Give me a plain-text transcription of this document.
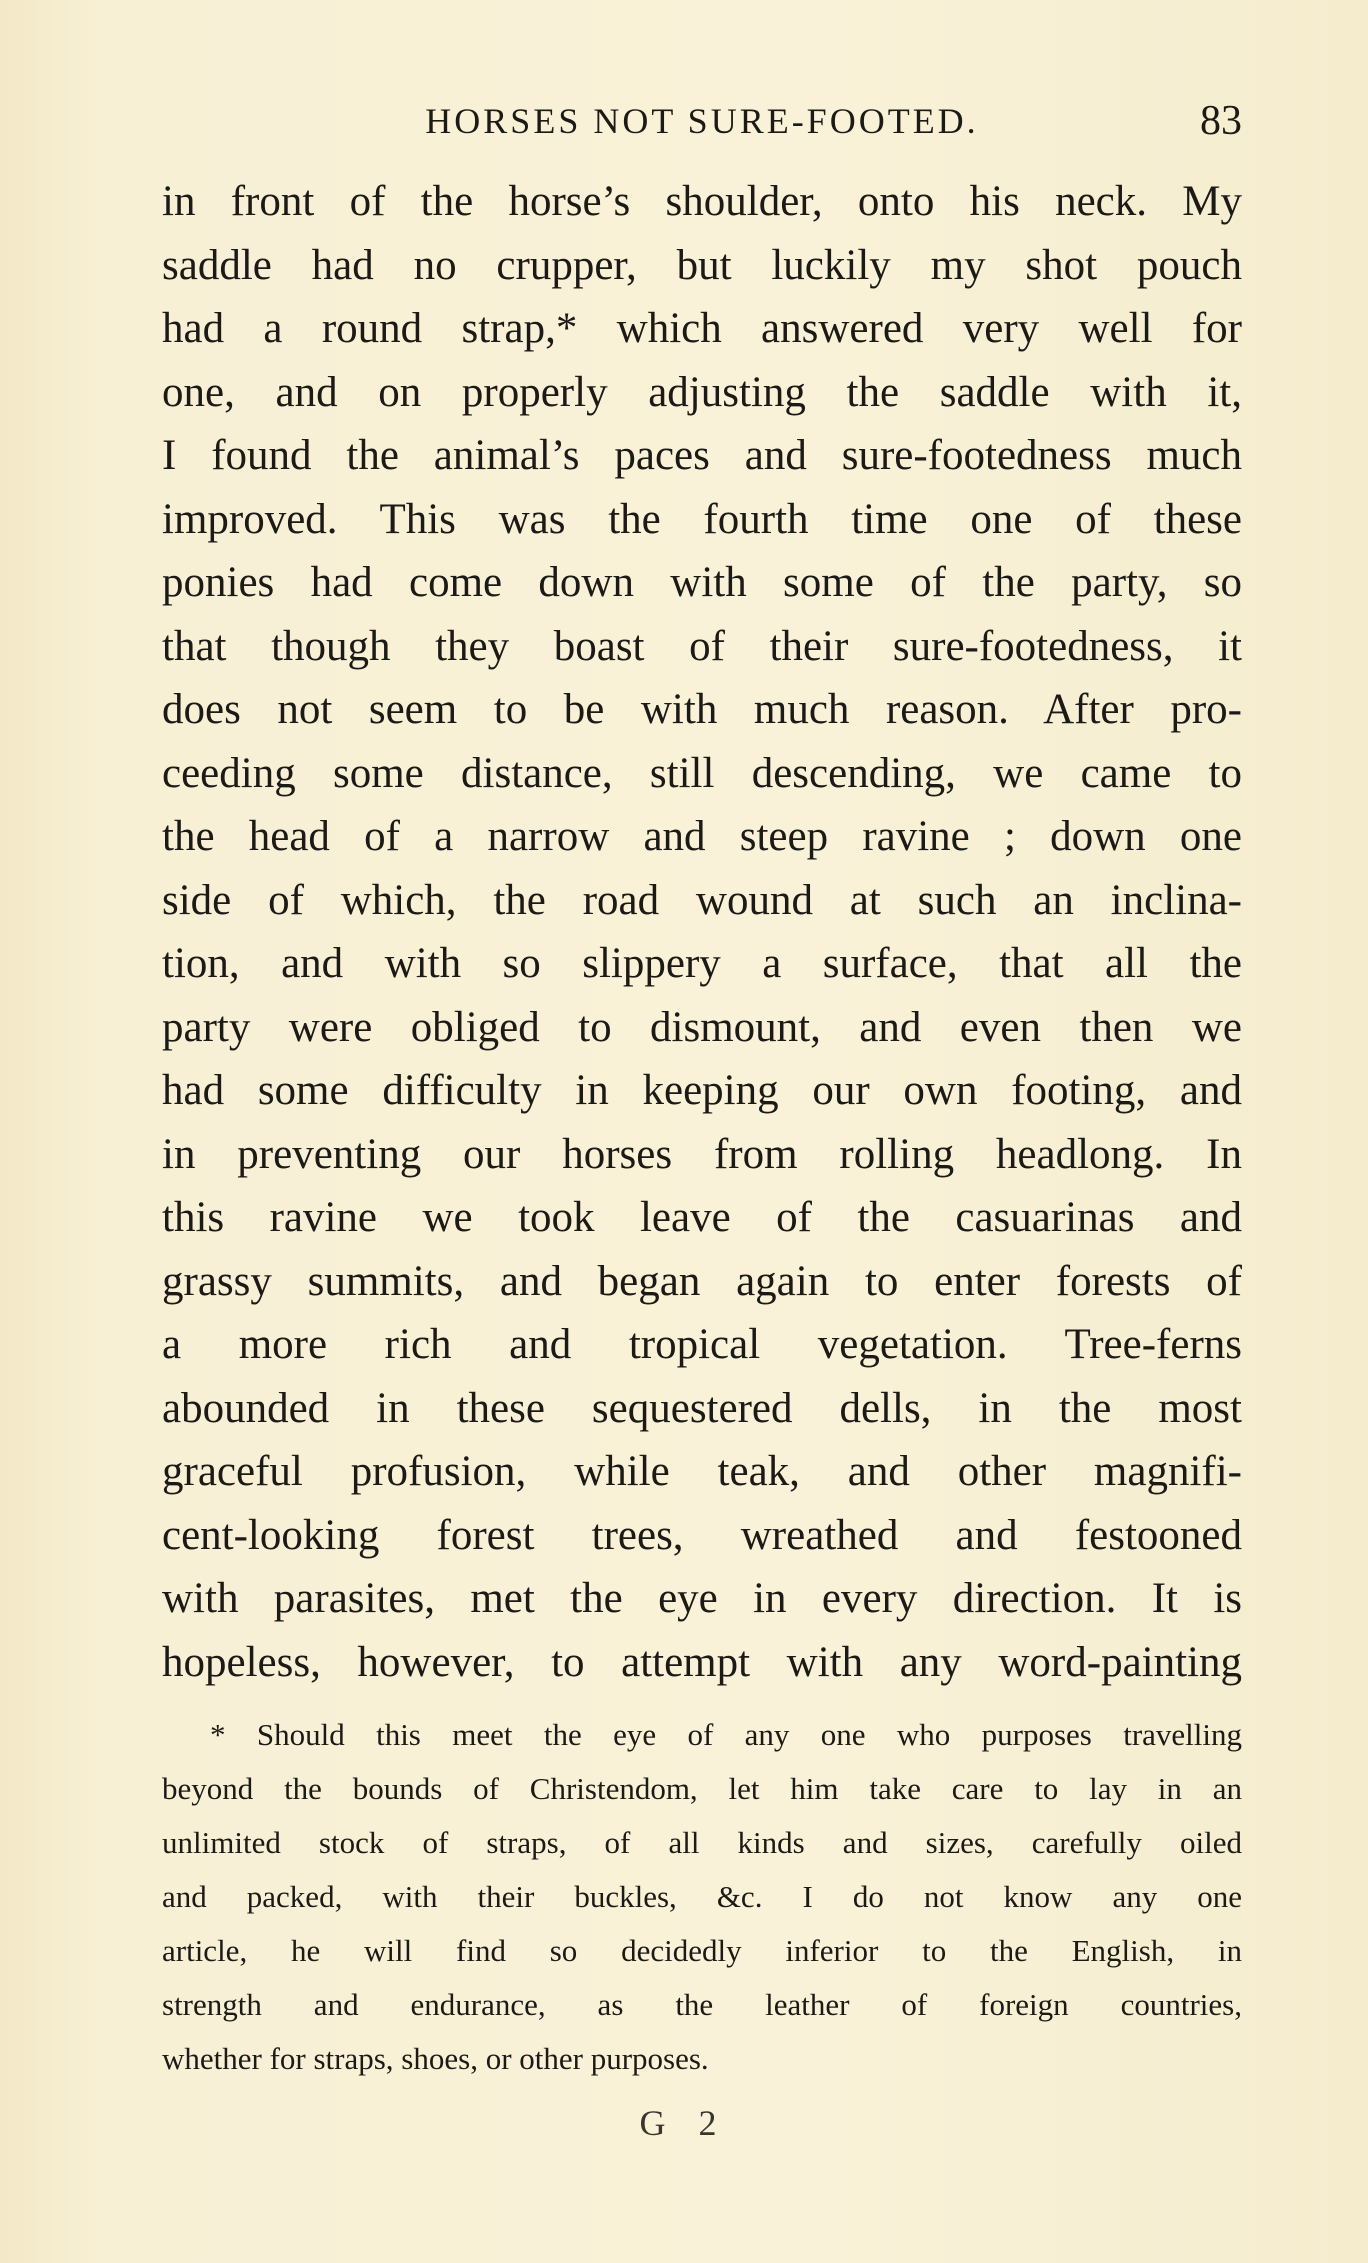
HORSES NOT SURE-FOOTED.	83
in front of the horse’s shoulder, onto his neck. My
saddle had no crupper, but luckily my shot pouch
had a round strap,* which answered very well for
one, and on properly adjusting the saddle with it,
I found the animal’s paces and sure-footedness much
improved. This was the fourth time one of these
ponies had come down with some of the party, so
that though they boast of their sure-footedness, it
does not seem to be with much reason. After pro-
ceeding some distance, still descending, we came to
the head of a narrow and steep ravine ; down one
side of which, the road wound at such an inclina-
tion, and with so slippery a surface, that all the
party were obliged to dismount, and even then we
had some difficulty in keeping our own footing, and
in preventing our horses from rolling headlong. In
this ravine we took leave of the casuarinas and
grassy summits, and began again to enter forests of
a more rich and tropical vegetation. Tree-ferns
abounded in these sequestered dells, in the most
graceful profusion, while teak, and other magnifi-
cent-looking forest trees, wreathed and festooned
with parasites, met the eye in every direction. It is
hopeless, however, to attempt with any word-painting
* Should this meet the eye of any one who purposes travelling
beyond the bounds of Christendom, let him take care to lay in an
unlimited stock of straps, of all kinds and sizes, carefully oiled
and packed, with their buckles, &c. I do not know any one
article, he will find so decidedly inferior to the English, in
strength and endurance, as the leather of foreign countries,
whether for straps, shoes, or other purposes.
G 2
